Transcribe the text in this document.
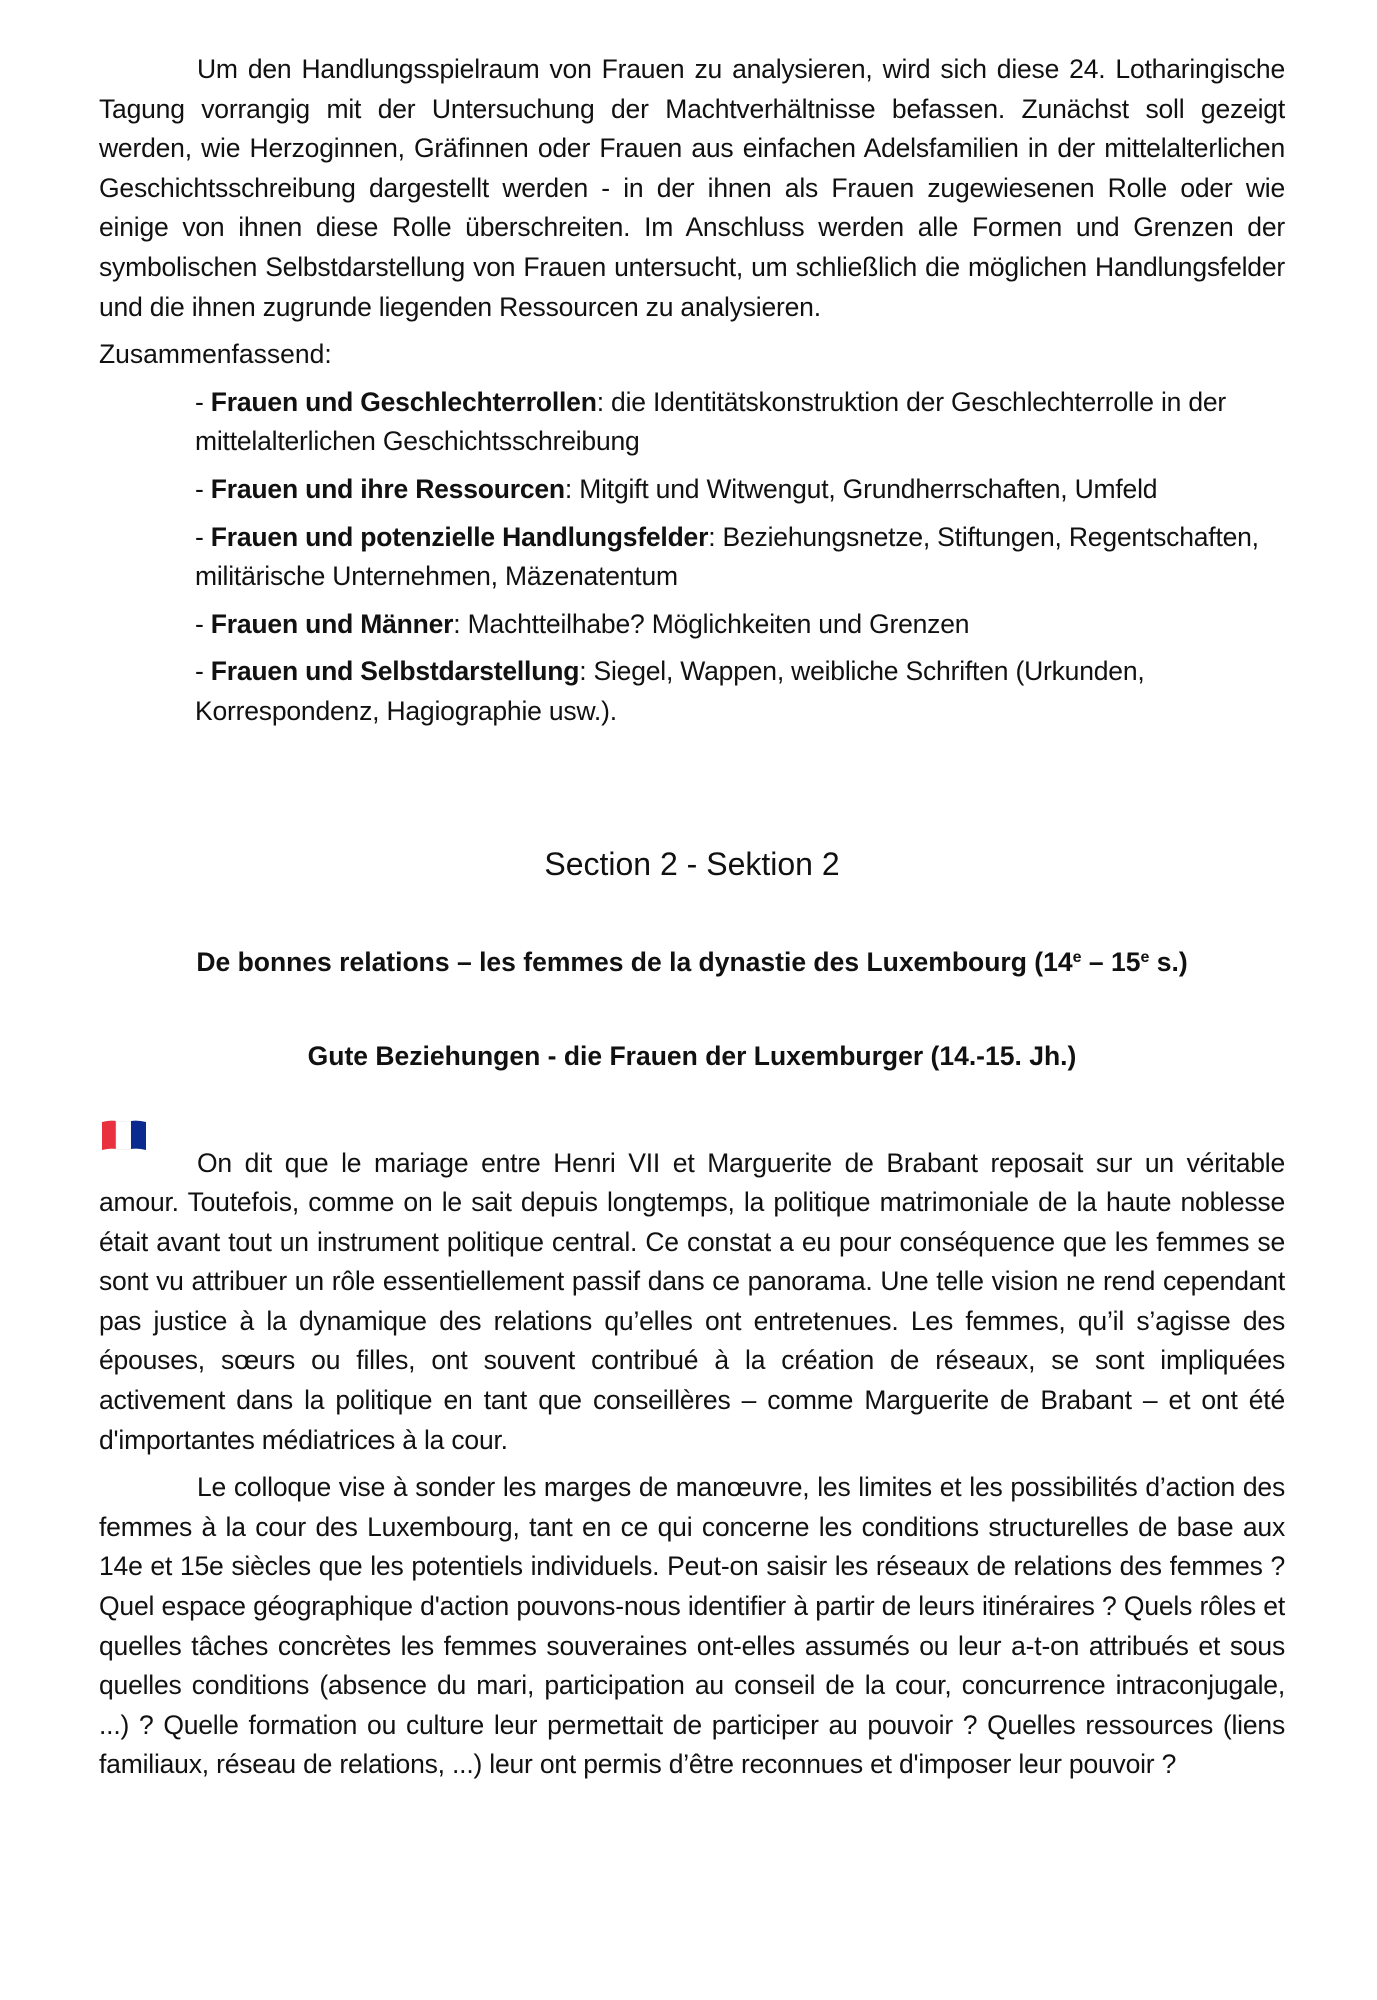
Um den Handlungsspielraum von Frauen zu analysieren, wird sich diese 24. Lotharingische Tagung vorrangig mit der Untersuchung der Machtverhältnisse befassen. Zunächst soll gezeigt werden, wie Herzoginnen, Gräfinnen oder Frauen aus einfachen Adelsfamilien in der mittelalterlichen Geschichtsschreibung dargestellt werden - in der ihnen als Frauen zugewiesenen Rolle oder wie einige von ihnen diese Rolle überschreiten. Im Anschluss werden alle Formen und Grenzen der symbolischen Selbstdarstellung von Frauen untersucht, um schließlich die möglichen Handlungsfelder und die ihnen zugrunde liegenden Ressourcen zu analysieren.

Zusammenfassend:

- Frauen und Geschlechterrollen: die Identitätskonstruktion der Geschlechterrolle in der mittelalterlichen Geschichtsschreibung
- Frauen und ihre Ressourcen: Mitgift und Witwengut, Grundherrschaften, Umfeld
- Frauen und potenzielle Handlungsfelder: Beziehungsnetze, Stiftungen, Regentschaften, militärische Unternehmen, Mäzenatentum
- Frauen und Männer: Machtteilhabe? Möglichkeiten und Grenzen
- Frauen und Selbstdarstellung: Siegel, Wappen, weibliche Schriften (Urkunden, Korrespondenz, Hagiographie usw.).

Section 2 - Sektion 2

De bonnes relations – les femmes de la dynastie des Luxembourg (14e – 15e s.)

Gute Beziehungen - die Frauen der Luxemburger (14.-15. Jh.)

On dit que le mariage entre Henri VII et Marguerite de Brabant reposait sur un véritable amour. Toutefois, comme on le sait depuis longtemps, la politique matrimoniale de la haute noblesse était avant tout un instrument politique central. Ce constat a eu pour conséquence que les femmes se sont vu attribuer un rôle essentiellement passif dans ce panorama. Une telle vision ne rend cependant pas justice à la dynamique des relations qu’elles ont entretenues. Les femmes, qu’il s’agisse des épouses, sœurs ou filles, ont souvent contribué à la création de réseaux, se sont impliquées activement dans la politique en tant que conseillères – comme Marguerite de Brabant – et ont été d'importantes médiatrices à la cour.

Le colloque vise à sonder les marges de manœuvre, les limites et les possibilités d’action des femmes à la cour des Luxembourg, tant en ce qui concerne les conditions structurelles de base aux 14e et 15e siècles que les potentiels individuels. Peut-on saisir les réseaux de relations des femmes ? Quel espace géographique d'action pouvons-nous identifier à partir de leurs itinéraires ? Quels rôles et quelles tâches concrètes les femmes souveraines ont-elles assumés ou leur a-t-on attribués et sous quelles conditions (absence du mari, participation au conseil de la cour, concurrence intraconjugale, ...) ? Quelle formation ou culture leur permettait de participer au pouvoir ? Quelles ressources (liens familiaux, réseau de relations, ...) leur ont permis d’être reconnues et d'imposer leur pouvoir ?
